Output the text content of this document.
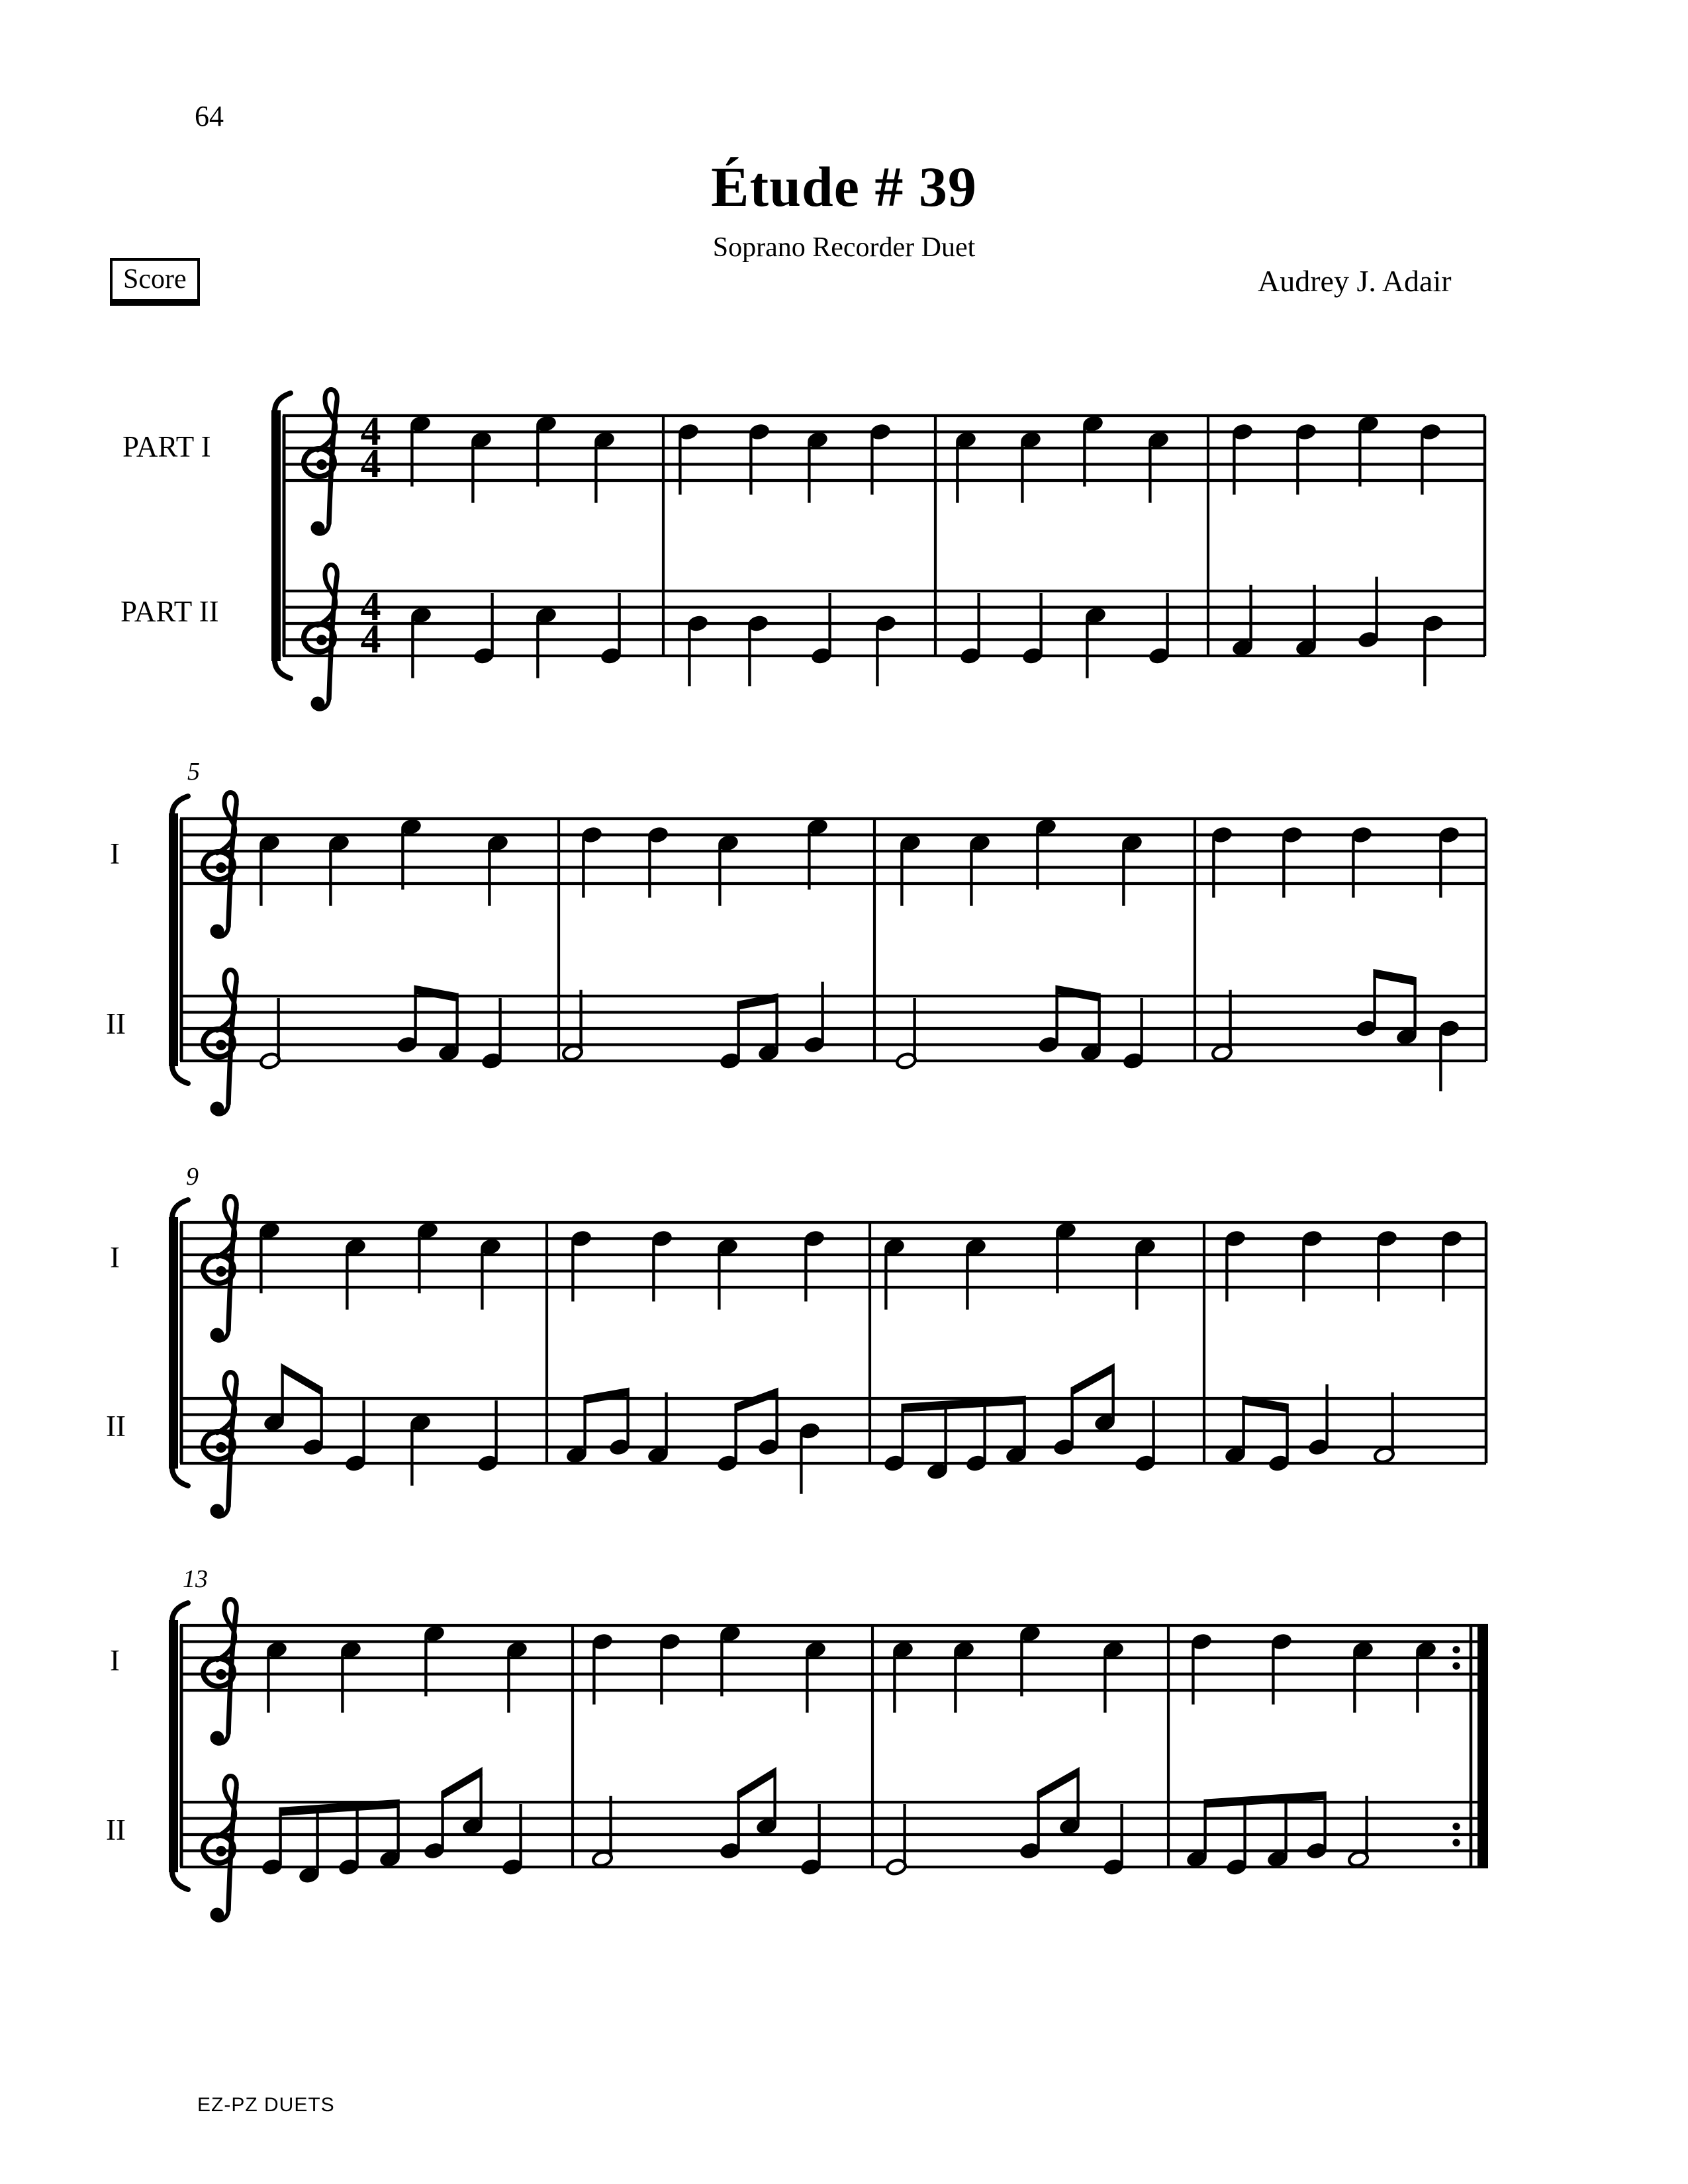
64
Étude # 39
Soprano Recorder Duet
Score	Audrey J. Adair
4
4
4
4
EZ-PZ DUETS
PART I
PART II
I
II
5
I
II
9
I
II
13
